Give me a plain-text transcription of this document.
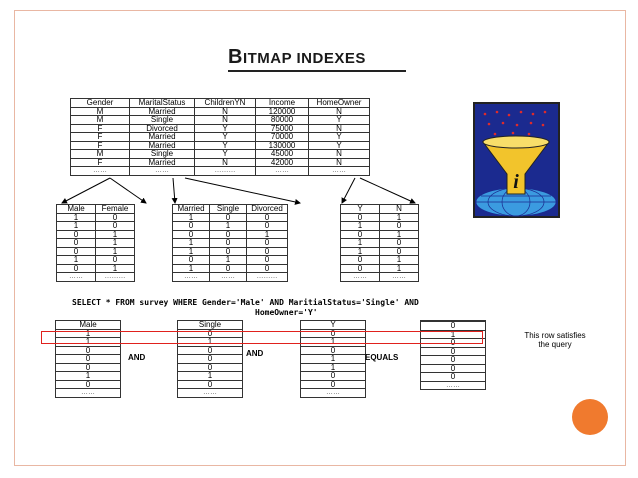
BITMAP INDEXES
Gender	MaritalStatus	ChildrenYN	Income	HomeOwner
M	Married	N	120000	N
M	Single	N	80000	Y
F	Divorced	Y	75000	N
F	Married	Y	70000	Y
F	Married	Y	130000	Y
M	Single	Y	45000	N
F	Married	N	42000	N
……	……	………	……	……
Male	Female
1	0
1	0
0	1
0	1
0	1
1	0
0	1
……	………
Married	Single	Divorced
1	0	0
0	1	0
0	0	1
1	0	0
1	0	0
0	1	0
1	0	0
……	……	………
Y	N
0	1
1	0
0	1
1	0
1	0
0	1
0	1
……	……
i
SELECT * FROM survey WHERE Gender='Male' AND MaritialStatus='Single' AND
HomeOwner='Y'
Male
1
1
0
0
0
1
0
……
Single
0
1
0
0
0
1
0
……
Y
0
1
0
1
1
0
0
……

0
1
0
0
0
0
0
……
AND	AND	EQUALS
This row satisfies the query
